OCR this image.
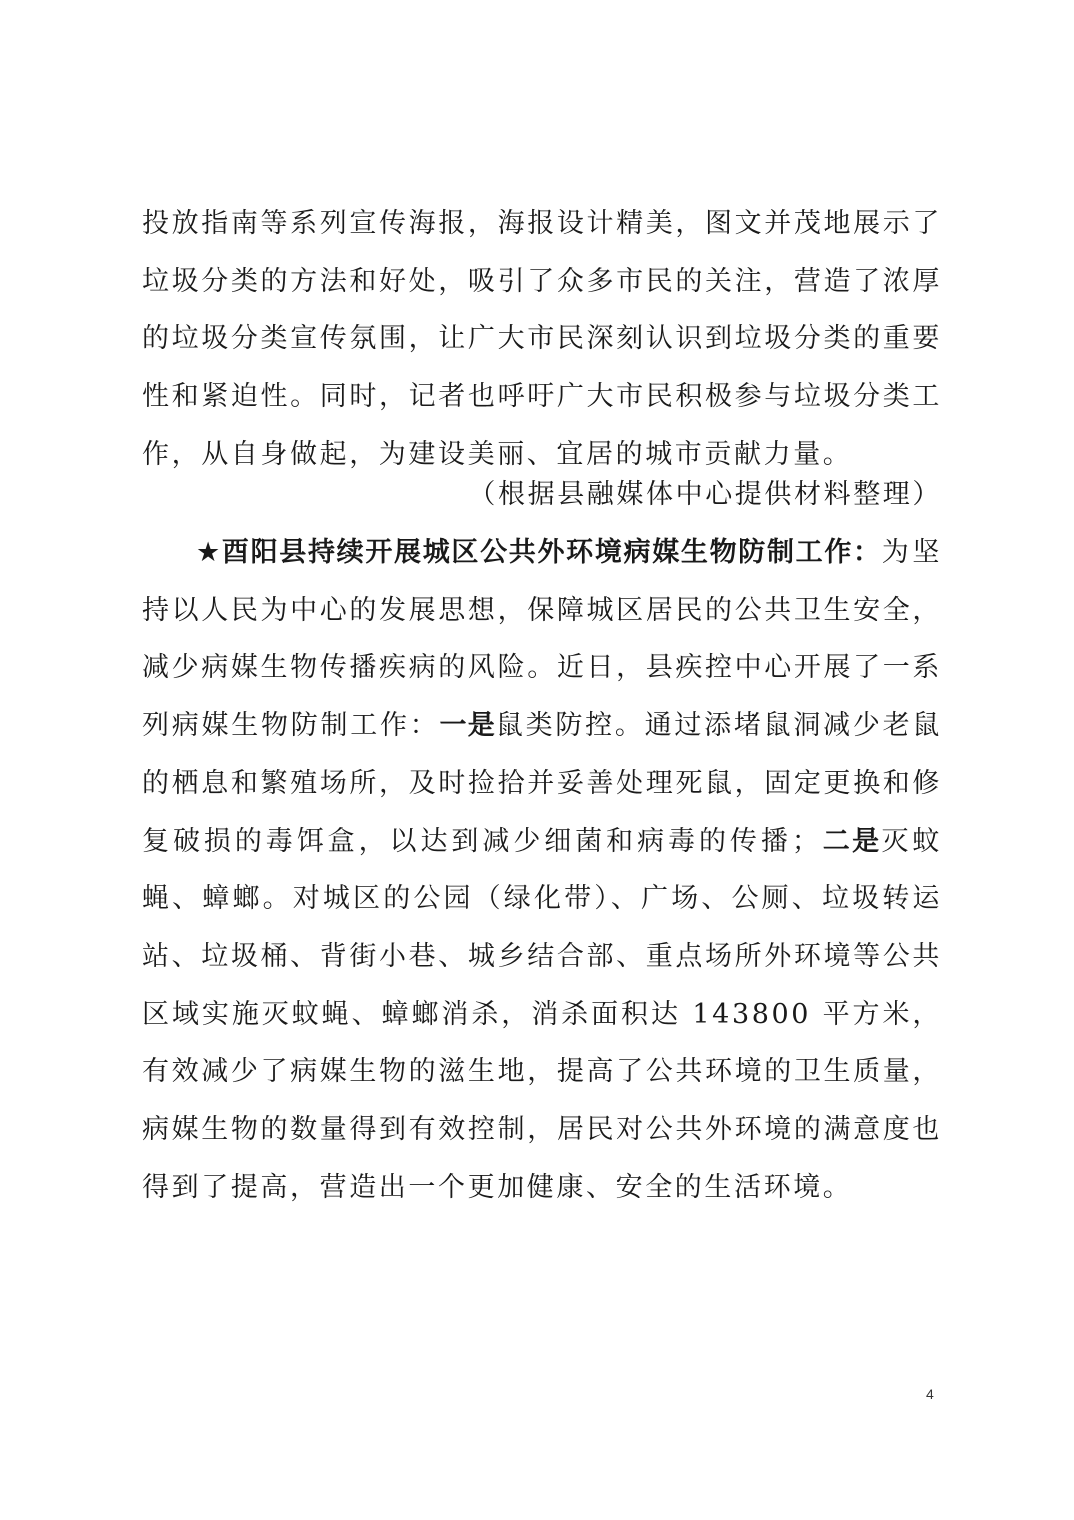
投放指南等系列宣传海报，海报设计精美，图文并茂地展示了垃圾分类的方法和好处，吸引了众多市民的关注，营造了浓厚的垃圾分类宣传氛围，让广大市民深刻认识到垃圾分类的重要性和紧迫性。同时，记者也呼吁广大市民积极参与垃圾分类工作，从自身做起，为建设美丽、宜居的城市贡献力量。

（根据县融媒体中心提供材料整理）

★酉阳县持续开展城区公共外环境病媒生物防制工作：为坚持以人民为中心的发展思想，保障城区居民的公共卫生安全，减少病媒生物传播疾病的风险。近日，县疾控中心开展了一系列病媒生物防制工作：一是鼠类防控。通过添堵鼠洞减少老鼠的栖息和繁殖场所，及时捡拾并妥善处理死鼠，固定更换和修复破损的毒饵盒，以达到减少细菌和病毒的传播；二是灭蚊蝇、蟑螂。对城区的公园（绿化带）、广场、公厕、垃圾转运站、垃圾桶、背街小巷、城乡结合部、重点场所外环境等公共区域实施灭蚊蝇、蟑螂消杀，消杀面积达 143800 平方米，有效减少了病媒生物的滋生地，提高了公共环境的卫生质量，病媒生物的数量得到有效控制，居民对公共外环境的满意度也得到了提高，营造出一个更加健康、安全的生活环境。

4
